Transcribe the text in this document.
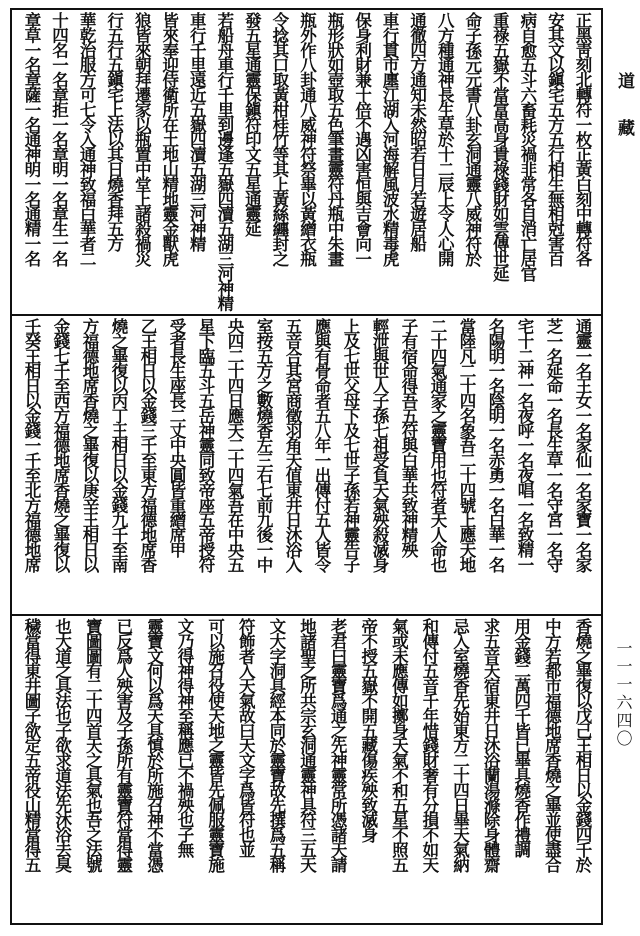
正黑靑刻北轉符一枚正黃白刻中轉符各
安其文以鎭宅五方五行相生無相尅害百
病自愈五斗六畜耗災禍非常各自消亡居官
重祿五嶽不當富高身貴祿錢財如雲傳世延
命子孫元元書八卦玄洞通靈八威神符於
八方種通神長生草於十二辰上令人心開
通徹四方通知未然昭若日月若遊居船
車行貫市廛江湖入河海解風波水精毒虎
保身利財兼十倍不遇凶害恒與吉會向一
瓶形狀如壺取五色筆畫靈符丹瓶中朱畫
瓶外作八卦通八威神符祭畢以黃繒衣瓶
令捻其口取黃柑桂竹等其上黃絲纏封之
發五星通靈保鎭符印文五星通靈延
若船舟車行千里到邊逢五嶽四瀆五湖三河神精
車行千里遠近五嶽四瀆五湖三河神精
皆來奉迎侍衛所在土地山精地靈金獸虎
狼皆來朝拜遷家以瓶置中堂上諸殺禍災
行五行五鎭宅上法以其日燒香拜五方
華乾治服方可七令入通神致福白華者二
十四名一名章拒一名章明一名章生一名
章草一名章薩一名通神明一名通精一名
通靈一名王女一名家仙一名家寶一名家
芝一名延命一名長生草一名守宮一名守
宅十二神一名夜呼一名夜唱一名致精一
名陽明一名陰明一名赤勇一名白華一名
當陸凡二十四名象吾二十四號上應天地
二十四氣通家之靈寶用也符者天人命也
子有宿命得吾五符與白華共致神精殃
輕泄與世人子孫七祖受負天氣殃殺滅身
上及七世父母下及七世子孫若神靈告子
應與有骨命者五八年一出傳付五人皆令
五音合其宮商徵羽角天值東井日沐浴入
室按五方之數燒香左三右七前九後一中
央四二十四日應天二十四氣吾在中央五
星下臨五斗五岳神靈同致帝座五帝授符
受者長生座長二丈中央圓皆重繒席甲
乙王相日以金錢三千至東方福德地席香
燒之畢復以丙丁王相日以金錢九千至南
方福德地席香燒之畢復以庚辛王相日以
金錢七千至西方福德地席香燒之畢復以
壬癸王相日以金錢一千至北方福德地席
香燒之畢復以戊己王相日以金錢四千於
中方若都市福德地席香燒之畢並使盡合
用金錢二萬四千皆已畢具燒香作禮調
求五音天宿東井日沐浴蘭湯滌除身體齋
忌入室燒香先始東方二十四日畢天氣納
和傳付五音千年惜錢財奢有分損不如天
氣或未應傳如擲身天氣不和五星不照五
帝不授五嶽不開五藏傷疾殃致滅身
老君曰靈寶爲通之先神靈常所憑諸天請
地諸聖之所共宗玄洞通靈神具符三五天
文大字洞具經本同於靈寶故先撰爲五稱
符飾者入天氣故曰天文字爲皆符也並
可以施召役使天地之靈皆先佩服靈寶施
文乃得神得神至稱應已不禍殃也子無
靈寶文何以爲天具慎於所施召神不當憑
已反爲人殃害及子孫所有靈寶符當得靈
寶圖圖有二十四首天之具氣也吾之法號
也大道之具法也子欲求道法先沐浴去臭
穢當得東井圖子欲定五帝役山精當得五
道藏
一一一六四〇
